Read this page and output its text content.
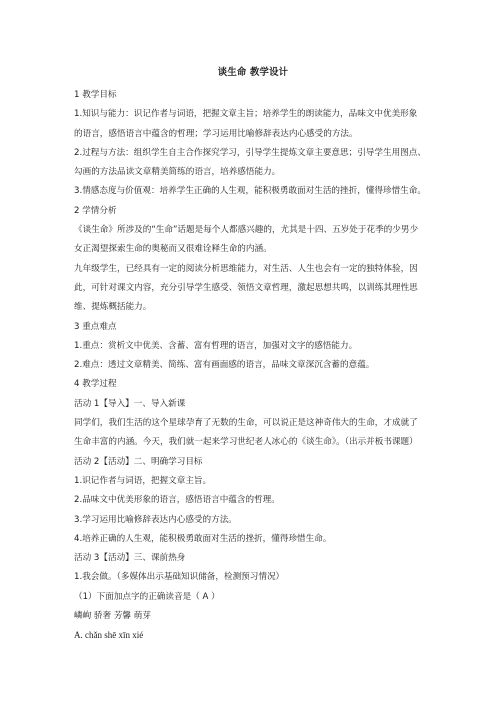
谈生命 教学设计
1 教学目标
1.知识与能力：识记作者与词语，把握文章主旨；培养学生的朗读能力，品味文中优美形象
的语言，感悟语言中蕴含的哲理；学习运用比喻修辞表达内心感受的方法。
2.过程与方法：组织学生自主合作探究学习，引导学生提炼文章主要意思；引导学生用图点、
勾画的方法品读文章精美简练的语言，培养感悟能力。
3.情感态度与价值观：培养学生正确的人生观，能积极勇敢面对生活的挫折，懂得珍惜生命。
2 学情分析
《谈生命》所涉及的“生命”话题是每个人都感兴趣的，尤其是十四、五岁处于花季的少男少
女正渴望探索生命的奥秘而又很难诠释生命的内涵。
九年级学生，已经具有一定的阅读分析思维能力，对生活、人生也会有一定的独特体验，因
此，可针对课文内容，充分引导学生感受、领悟文章哲理，激起思想共鸣，以训练其理性思
维、提炼概括能力。
3 重点难点
1.重点：赏析文中优美、含蓄、富有哲理的语言，加强对文字的感悟能力。
2.难点：透过文章精美、简练、富有画面感的语言，品味文章深沉含蓄的意蕴。
4 教学过程
活动 1【导入】一、导入新课
同学们，我们生活的这个星球孕育了无数的生命，可以说正是这神奇伟大的生命，才成就了
生命丰富的内涵。今天，我们就一起来学习世纪老人冰心的《谈生命》。（出示并板书课题）
活动 2【活动】二、明确学习目标
1.识记作者与词语，把握文章主旨。
2.品味文中优美形象的语言，感悟语言中蕴含的哲理。
3.学习运用比喻修辞表达内心感受的方法。
4.培养正确的人生观，能积极勇敢面对生活的挫折，懂得珍惜生命。
活动 3【活动】三、课前热身
1.我会做。（多媒体出示基础知识储备，检测预习情况）
（1）下面加点字的正确读音是（ A ）
嶙峋 骄奢 芳馨 萌芽
A. chǎn shē xīn xié
